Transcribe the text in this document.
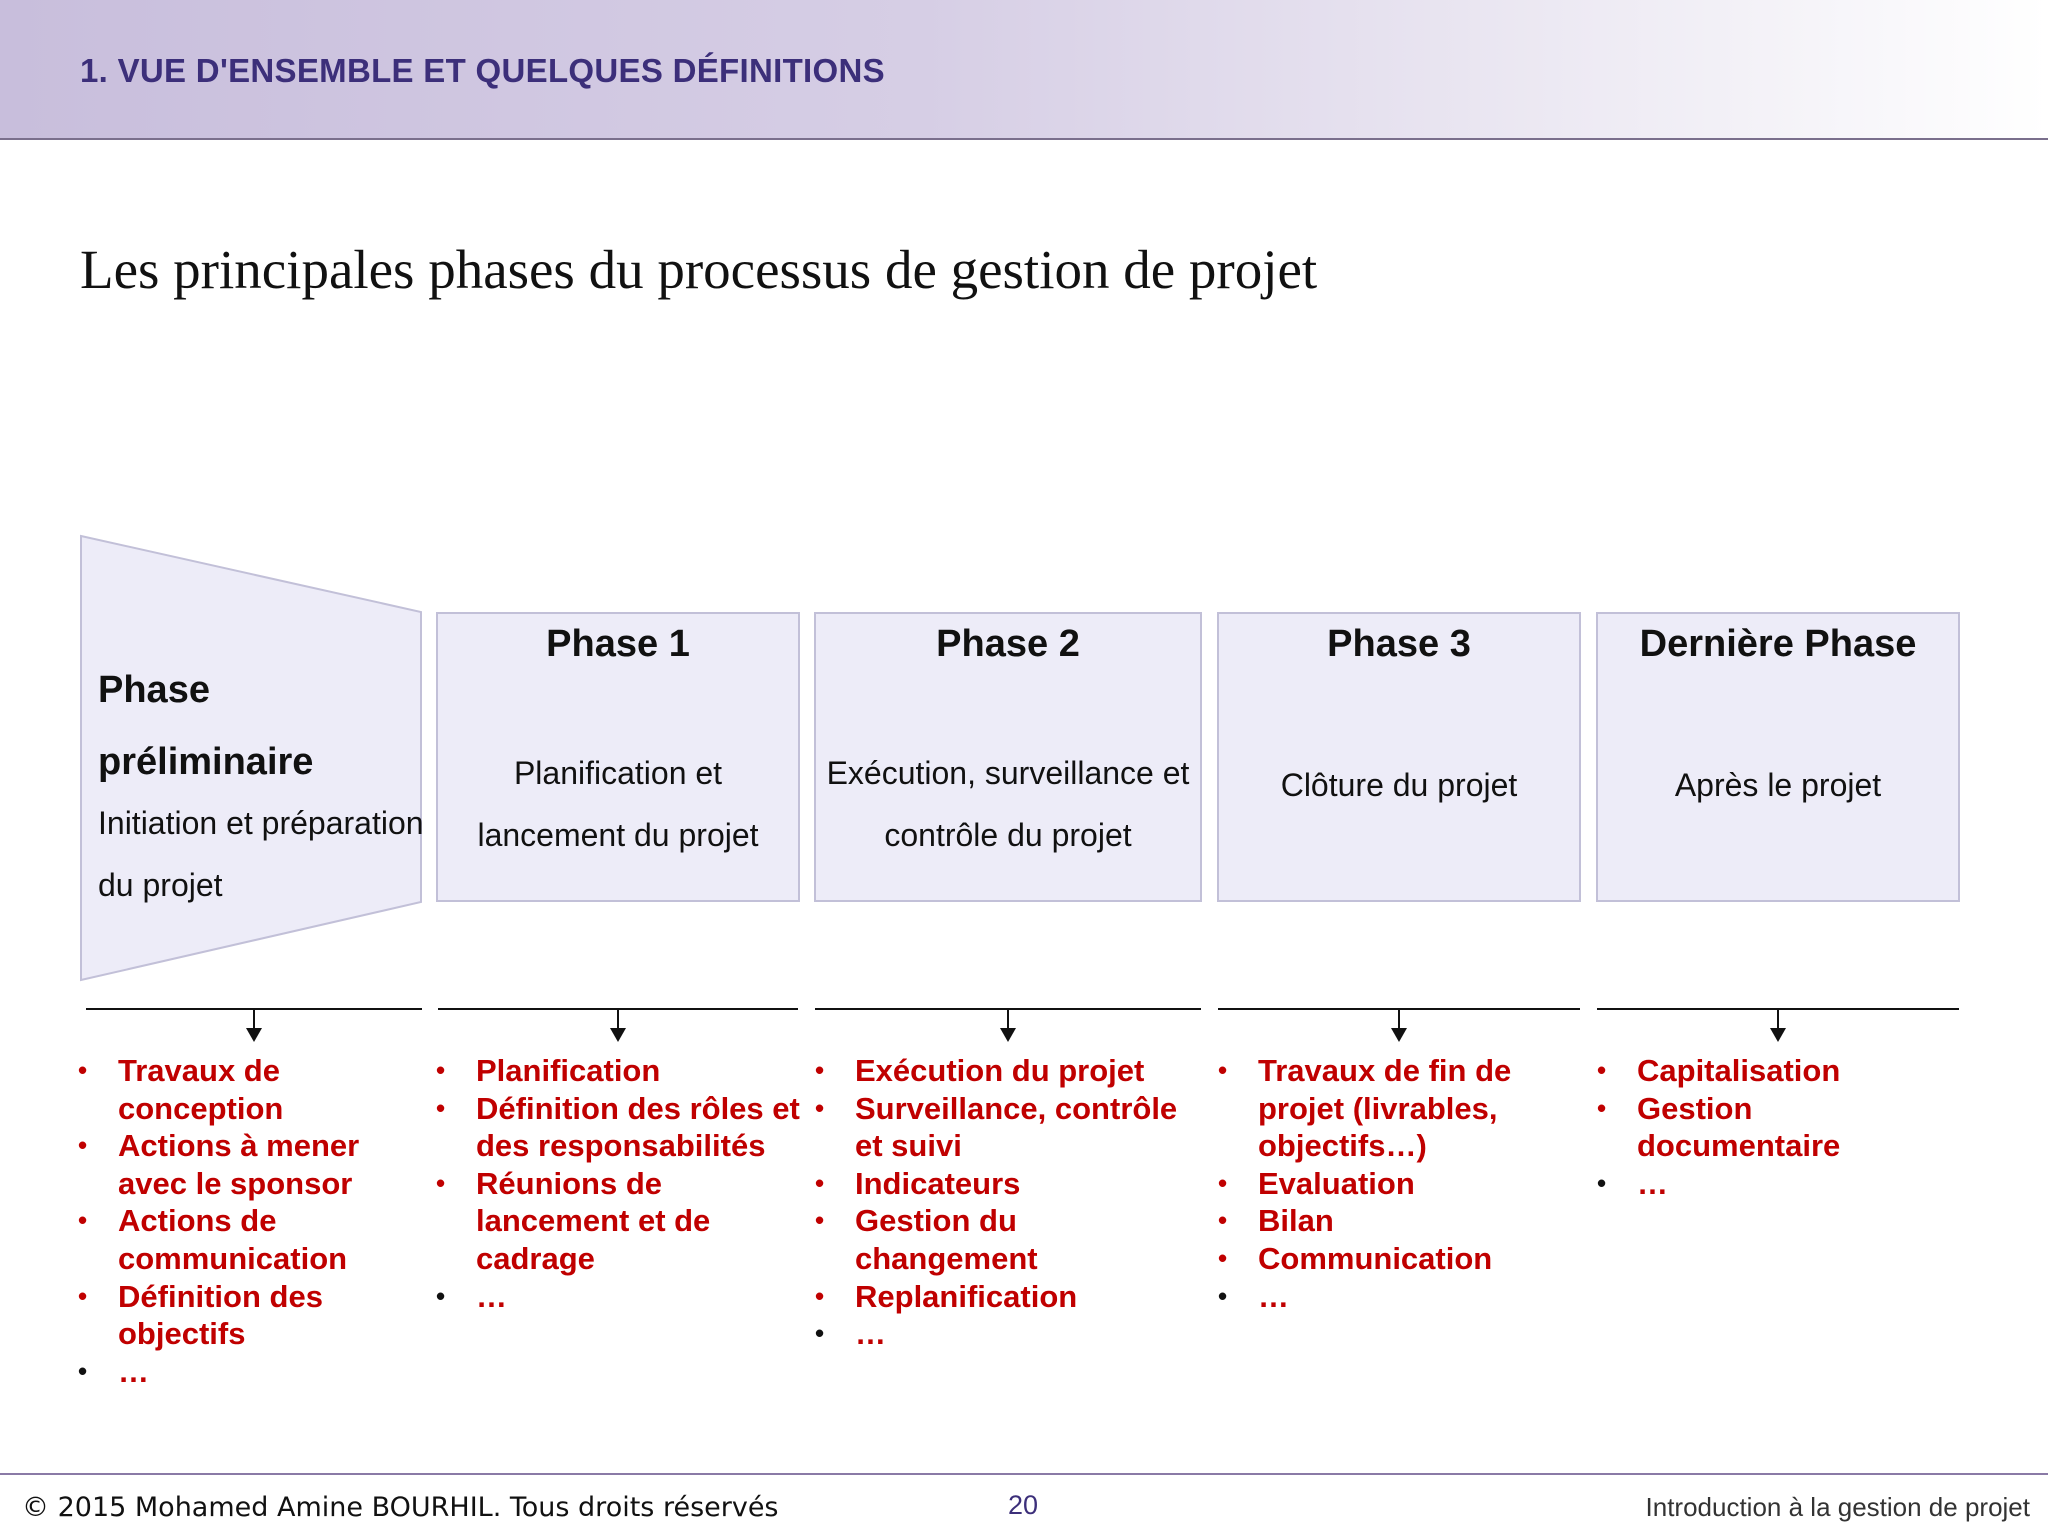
1. VUE D'ENSEMBLE ET QUELQUES DÉFINITIONS
Les principales phases du processus de gestion de projet
Phase préliminaire
Initiation et préparation du projet
Phase 1
Planification et lancement du projet
Phase 2
Exécution, surveillance et contrôle du projet
Phase 3
Clôture du projet
Dernière Phase
Après le projet
• Travaux de conception
• Actions à mener avec le sponsor
• Actions de communication
• Définition des objectifs
• …
• Planification
• Définition des rôles et des responsabilités
• Réunions de lancement et de cadrage
• …
• Exécution du projet
• Surveillance, contrôle et suivi
• Indicateurs
• Gestion du changement
• Replanification
• …
• Travaux de fin de projet (livrables, objectifs…)
• Evaluation
• Bilan
• Communication
• …
• Capitalisation
• Gestion documentaire
• …
© 2015 Mohamed Amine BOURHIL. Tous droits réservés	20	Introduction à la gestion de projet
